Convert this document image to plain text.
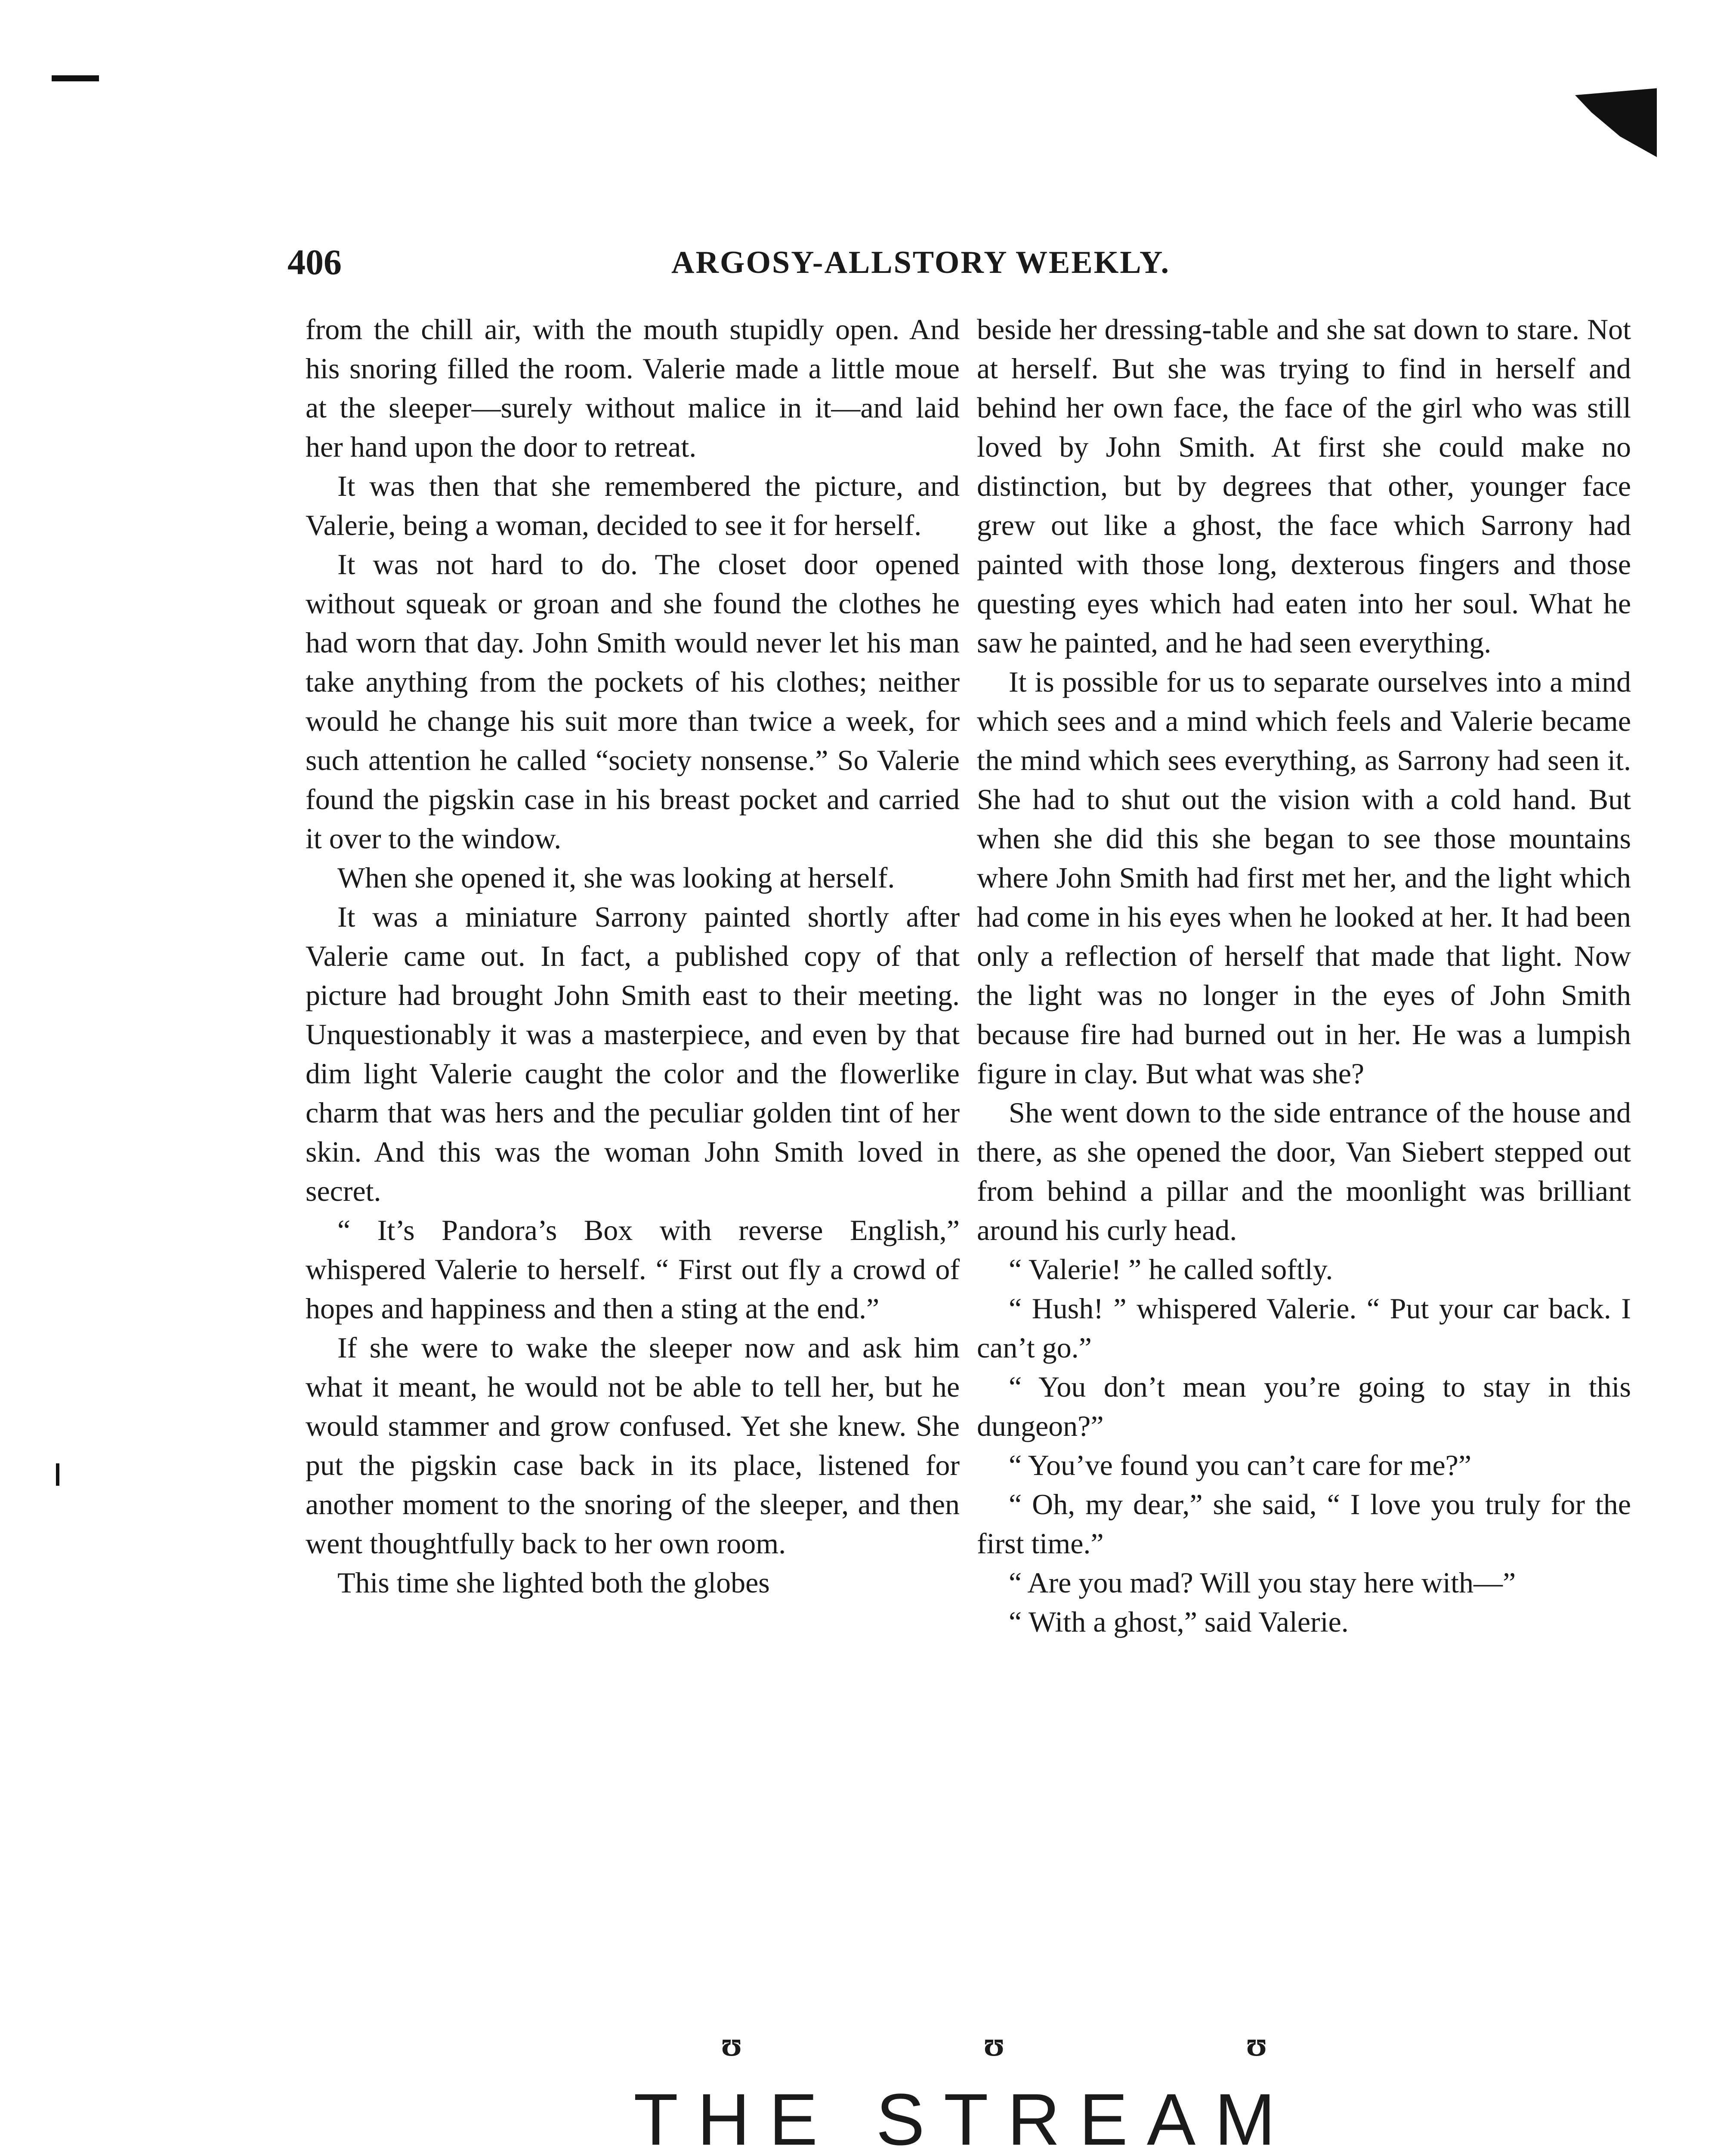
406	ARGOSY-ALLSTORY WEEKLY.

from the chill air, with the mouth stupidly open. And his snoring filled the room. Valerie made a little moue at the sleeper—surely without malice in it—and laid her hand upon the door to retreat.

It was then that she remembered the picture, and Valerie, being a woman, decided to see it for herself.

It was not hard to do. The closet door opened without squeak or groan and she found the clothes he had worn that day. John Smith would never let his man take anything from the pockets of his clothes; neither would he change his suit more than twice a week, for such attention he called “society nonsense.” So Valerie found the pigskin case in his breast pocket and carried it over to the window.

When she opened it, she was looking at herself.

It was a miniature Sarrony painted shortly after Valerie came out. In fact, a published copy of that picture had brought John Smith east to their meeting. Unquestionably it was a masterpiece, and even by that dim light Valerie caught the color and the flowerlike charm that was hers and the peculiar golden tint of her skin. And this was the woman John Smith loved in secret.

“ It’s Pandora’s Box with reverse English,” whispered Valerie to herself. “ First out fly a crowd of hopes and happiness and then a sting at the end.”

If she were to wake the sleeper now and ask him what it meant, he would not be able to tell her, but he would stammer and grow confused. Yet she knew. She put the pigskin case back in its place, listened for another moment to the snoring of the sleeper, and then went thoughtfully back to her own room.

This time she lighted both the globes

beside her dressing-table and she sat down to stare. Not at herself. But she was trying to find in herself and behind her own face, the face of the girl who was still loved by John Smith. At first she could make no distinction, but by degrees that other, younger face grew out like a ghost, the face which Sarrony had painted with those long, dexterous fingers and those questing eyes which had eaten into her soul. What he saw he painted, and he had seen everything.

It is possible for us to separate ourselves into a mind which sees and a mind which feels and Valerie became the mind which sees everything, as Sarrony had seen it. She had to shut out the vision with a cold hand. But when she did this she began to see those mountains where John Smith had first met her, and the light which had come in his eyes when he looked at her. It had been only a reflection of herself that made that light. Now the light was no longer in the eyes of John Smith because fire had burned out in her. He was a lumpish figure in clay. But what was she?

She went down to the side entrance of the house and there, as she opened the door, Van Siebert stepped out from behind a pillar and the moonlight was brilliant around his curly head.

“ Valerie! ” he called softly.

“ Hush! ” whispered Valerie. “ Put your car back. I can’t go.”

“ You don’t mean you’re going to stay in this dungeon?”

“ You’ve found you can’t care for me?”

“ Oh, my dear,” she said, “ I love you truly for the first time.”

“ Are you mad? Will you stay here with—”

“ With a ghost,” said Valerie.

ʊ	ʊ	ʊ
THE STREAM
